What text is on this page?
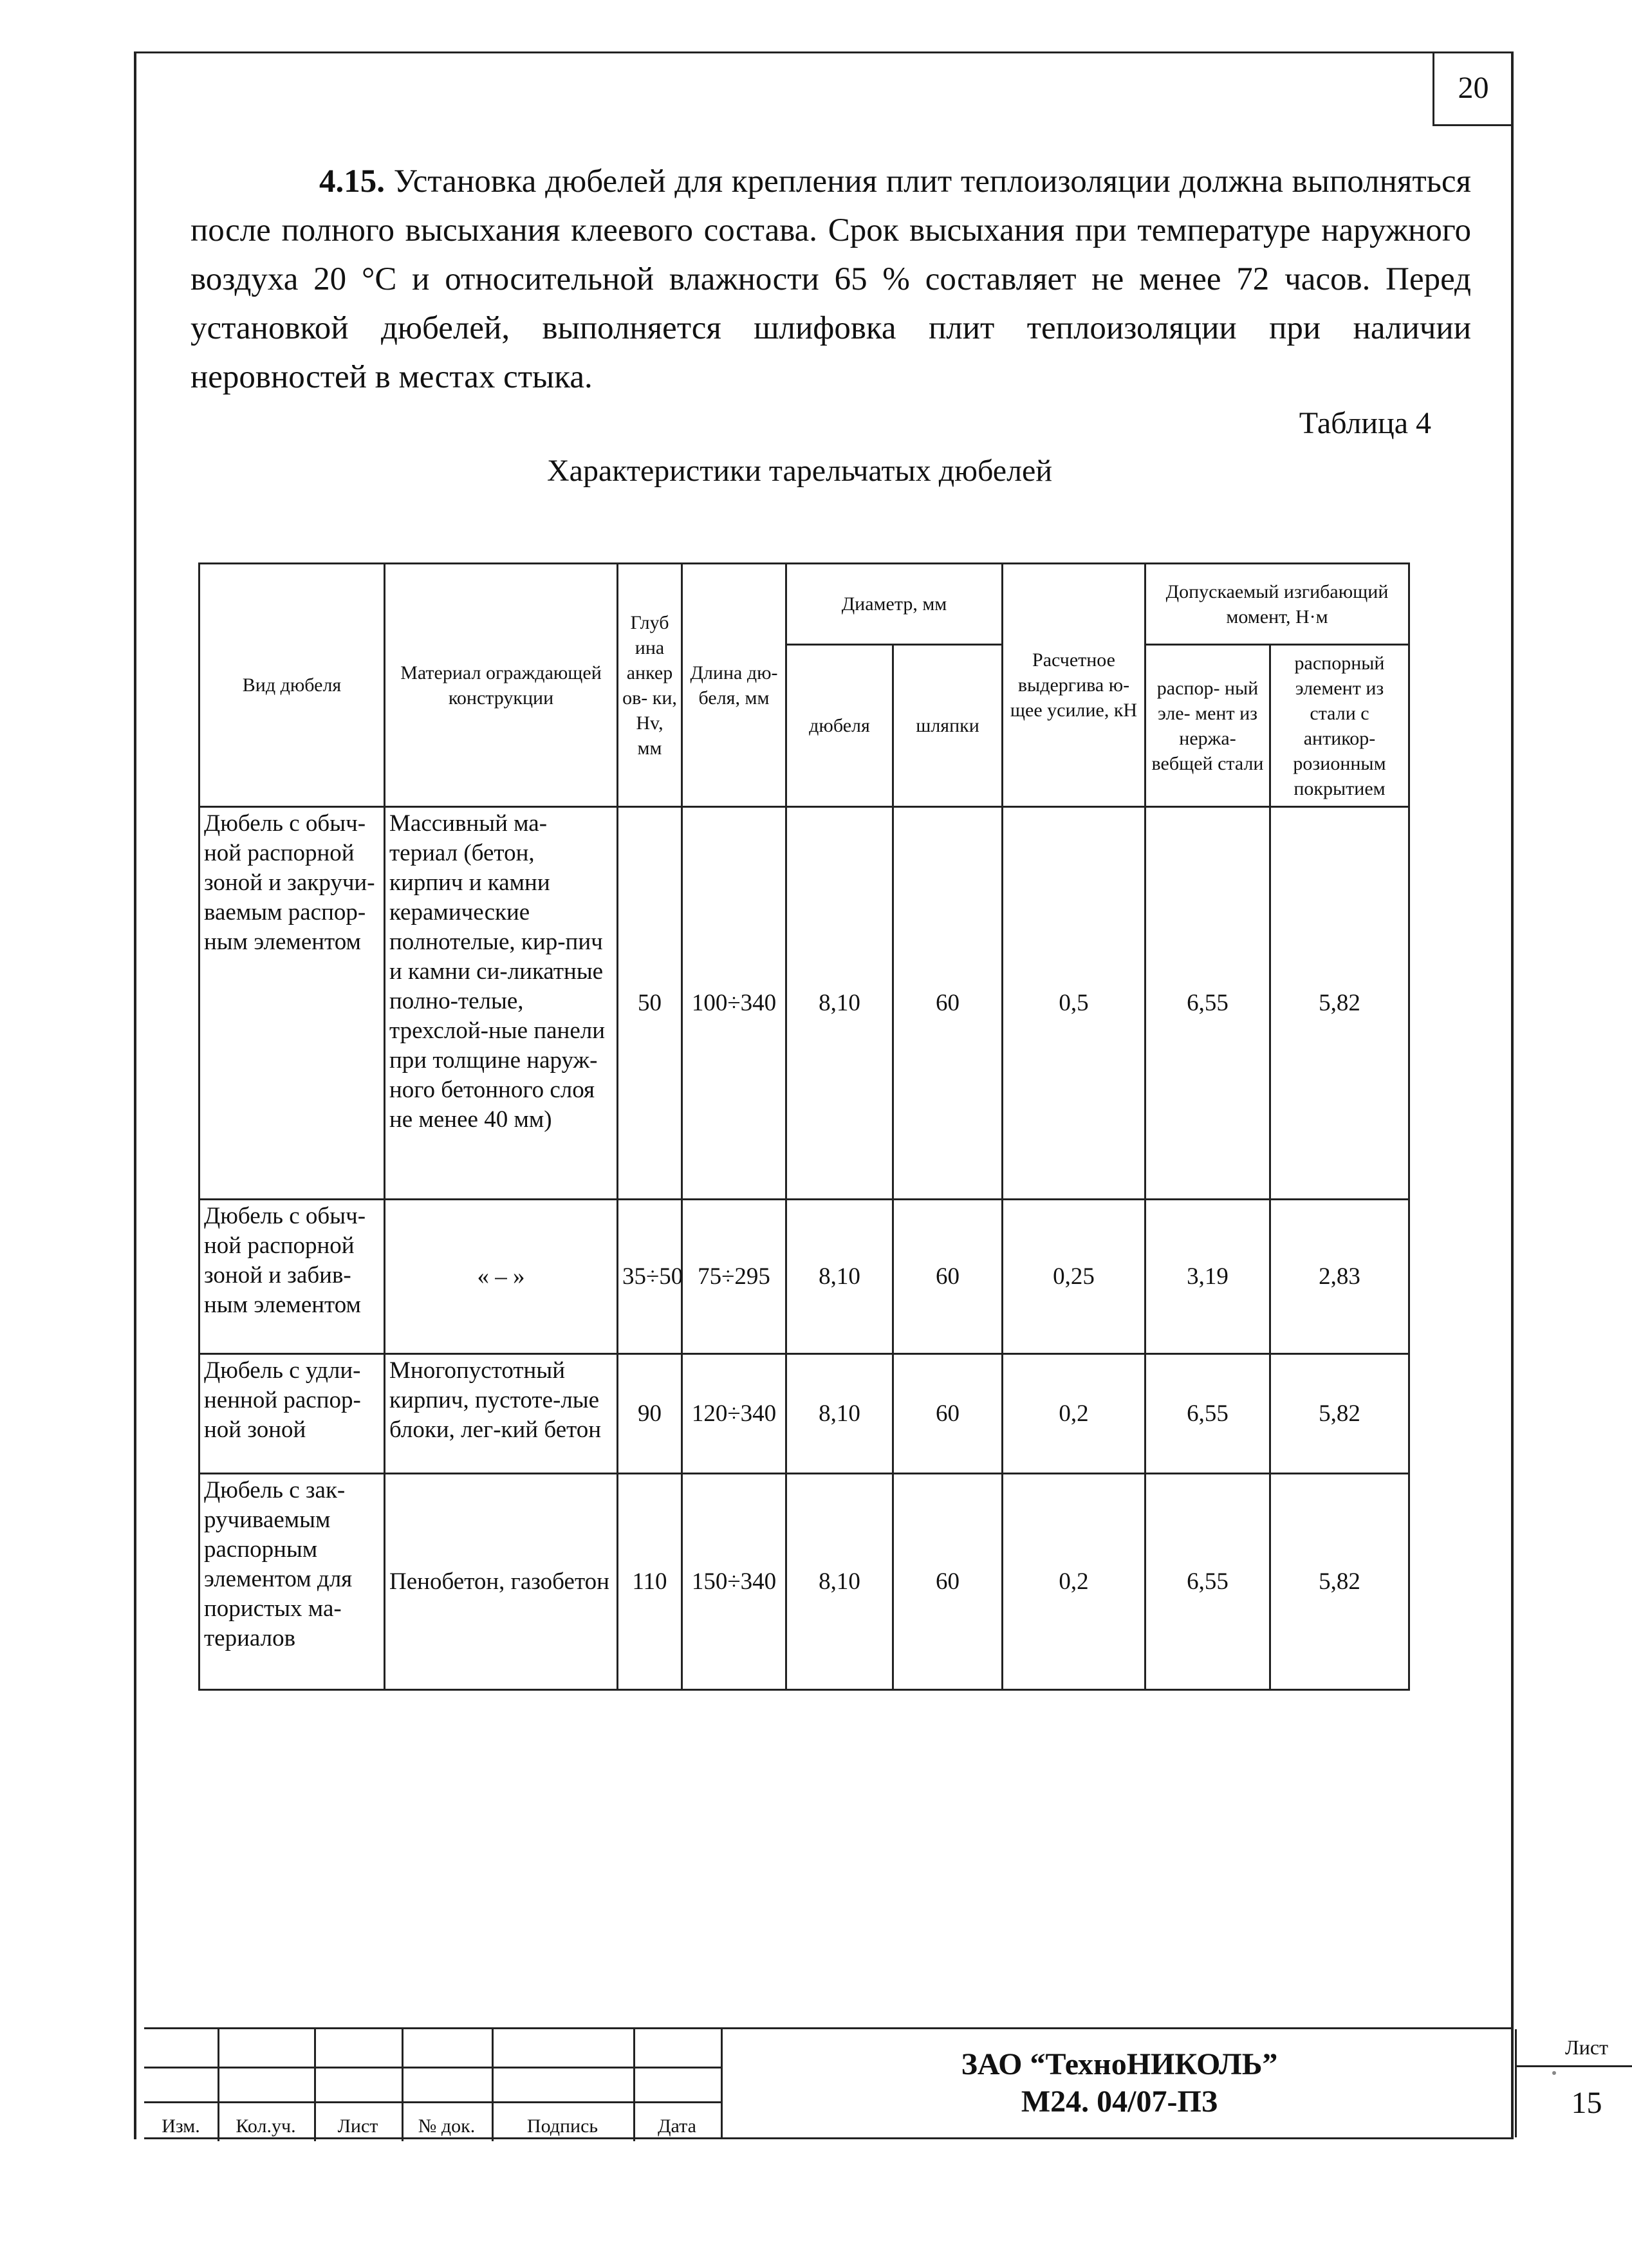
20

4.15. Установка дюбелей для крепления плит теплоизоляции должна выполняться после полного высыхания клеевого состава. Срок высыхания при температуре наружного воздуха 20 °С и относительной влажности 65 % составляет не менее 72 часов. Перед установкой дюбелей, выполняется шлифовка плит теплоизоляции при наличии неровностей в местах стыка.

Таблица 4
Характеристики тарельчатых дюбелей
Вид дюбеля	Материал ограждающей конструкции	Глуб ина анкер ов- ки, Hv, мм	Длина дю- беля, мм	Диаметр, мм		Расчетное выдергива ю-щее усилие, кН	Допускаемый изгибающий момент, Н·м	
				дюбеля	шляпки		распор- ный эле- мент из нержа- вебщей стали	распорный элемент из стали с антикор- розионным покрытием
Дюбель с обыч-ной распорной зоной и закручи-ваемым распор-ным элементом	Массивный ма-териал (бетон, кирпич и камни керамические полнотелые, кир-пич и камни си-ликатные полно-телые, трехслой-ные панели при толщине наруж-ного бетонного слоя не менее 40 мм)	50	100÷340	8,10	60	0,5	6,55	5,82
Дюбель с обыч-ной распорной зоной и забив-ным элементом	« – »	35÷50	75÷295	8,10	60	0,25	3,19	2,83
Дюбель с удли-ненной распор-ной зоной	Многопустотный кирпич, пустоте-лые блоки, лег-кий бетон	90	120÷340	8,10	60	0,2	6,55	5,82
Дюбель с зак-ручиваемым распорным элементом для пористых ма-териалов	Пенобетон, газобетон	110	150÷340	8,10	60	0,2	6,55	5,82
Изм.	Кол.уч.	Лист	№ док.	Подпись	Дата
ЗАО “ТехноНИКОЛЬ”
М24. 04/07-ПЗ
Лист
15
